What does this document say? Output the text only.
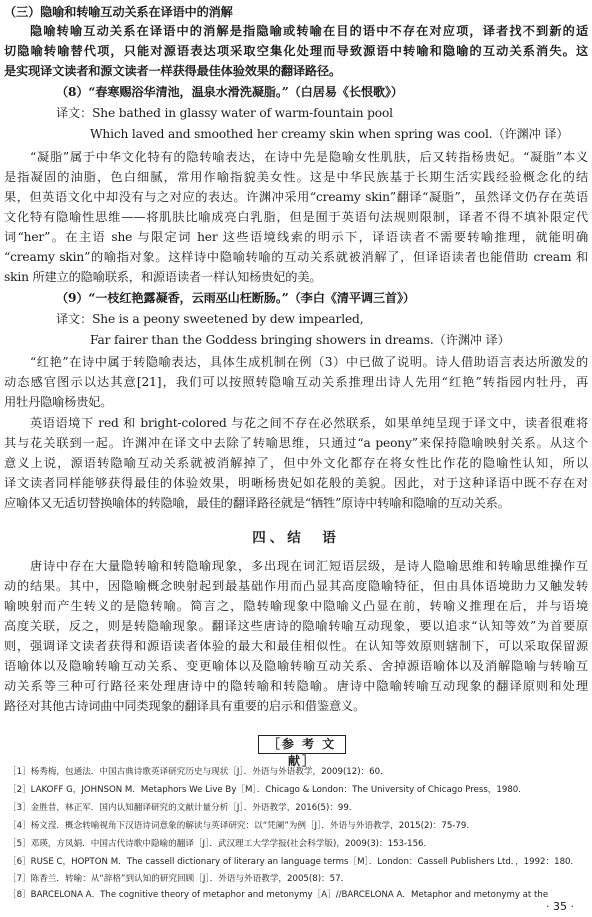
（三）隐喻和转喻互动关系在译语中的消解
隐喻转喻互动关系在译语中的消解是指隐喻或转喻在目的语中不存在对应项，译者找不到新的适
切隐喻转喻替代项，只能对源语表达项采取空集化处理而导致源语中转喻和隐喻的互动关系消失。这
是实现译文读者和源文读者一样获得最佳体验效果的翻译路径。
（8）“春寒赐浴华清池，温泉水滑洗凝脂。”（白居易《长恨歌》）
译文：She bathed in glassy water of warm-fountain pool
Which laved and smoothed her creamy skin when spring was cool.（许渊冲 译）
“凝脂”属于中华文化特有的隐转喻表达，在诗中先是隐喻女性肌肤，后又转指杨贵妃。“凝脂”本义
是指凝固的油脂，色白细腻，常用作喻指貌美女性。这是中华民族基于长期生活实践经验概念化的结
果，但英语文化中却没有与之对应的表达。许渊冲采用“creamy skin”翻译“凝脂”，虽然译文仍存在英语
文化特有隐喻性思维——将肌肤比喻成亮白乳脂，但是囿于英语句法规则限制，译者不得不填补限定代
词“her”。在主语 she 与限定词 her 这些语境线索的明示下，译语读者不需要转喻推理，就能明确
“creamy skin”的喻指对象。这样诗中隐喻转喻的互动关系就被消解了，但译语读者也能借助 cream 和
skin 所建立的隐喻联系，和源语读者一样认知杨贵妃的美。
（9）“一枝红艳露凝香，云雨巫山枉断肠。”（李白《清平调三首》）
译文：She is a peony sweetened by dew impearled,
Far fairer than the Goddess bringing showers in dreams.（许渊冲 译）
“红艳”在诗中属于转隐喻表达，具体生成机制在例（3）中已做了说明。诗人借助语言表达所激发的
动态感官图示以达其意[21]，我们可以按照转隐喻互动关系推理出诗人先用“红艳”转指园内牡丹，再
用牡丹隐喻杨贵妃。
英语语境下 red 和 bright-colored 与花之间不存在必然联系，如果单纯呈现于译文中，读者很难将
其与花关联到一起。许渊冲在译文中去除了转喻思维，只通过“a peony”来保持隐喻映射关系。从这个
意义上说，源语转隐喻互动关系就被消解掉了，但中外文化都存在将女性比作花的隐喻性认知，所以
译文读者同样能够获得最佳的体验效果，明晰杨贵妃如花般的美貌。因此，对于这种译语中既不存在对
应喻体又无适切替换喻体的转隐喻，最佳的翻译路径就是“牺牲”原诗中转喻和隐喻的互动关系。
四、结　语
唐诗中存在大量隐转喻和转隐喻现象，多出现在词汇短语层级，是诗人隐喻思维和转喻思维操作互
动的结果。其中，因隐喻概念映射起到最基础作用而凸显其高度隐喻特征，但由具体语境助力又触发转
喻映射而产生转义的是隐转喻。简言之，隐转喻现象中隐喻义凸显在前，转喻义推理在后，并与语境
高度关联，反之，则是转隐喻现象。翻译这些唐诗的隐喻转喻互动现象，要以追求“认知等效”为首要原
则，强调译文读者获得和源语读者体验的最大和最佳相似性。在认知等效原则辖制下，可以采取保留源
语喻体以及隐喻转喻互动关系、变更喻体以及隐喻转喻互动关系、舍掉源语喻体以及消解隐喻与转喻互
动关系等三种可行路径来处理唐诗中的隐转喻和转隐喻。唐诗中隐喻转喻互动现象的翻译原则和处理
路径对其他古诗词曲中同类现象的翻译具有重要的启示和借鉴意义。
［参 考 文 献］
［1］杨秀梅，包通法．中国古典诗歌英译研究历史与现状［J］．外语与外语教学，2009(12)：60．
［2］LAKOFF G，JOHNSON M．Metaphors We Live By［M］．Chicago & London：The University of Chicago Press，1980．
［3］金胜昔，林正军．国内认知翻译研究的文献计量分析［J］．外语教学，2016(5)：99．
［4］杨文滢．概念转喻视角下汉语诗词意象的解读与英译研究：以“凭阑”为例［J］．外语与外语教学，2015(2)：75-79．
［5］邓瑛，方凤娟．中国古代诗歌中隐喻的翻译［J］．武汉理工大学学报(社会科学版)，2009(3)：153-156．
［6］RUSE C，HOPTON M．The cassell dictionary of literary an language terms［M］．London：Cassell Publishers Ltd．，1992：180．
［7］陈香兰．转喻：从“辞格”到认知的研究回顾［J］．外语与外语教学，2005(8)：57．
［8］BARCELONA A．The cognitive theory of metaphor and metonymy［A］//BARCELONA A．Metaphor and metonymy at the
· 35 ·
